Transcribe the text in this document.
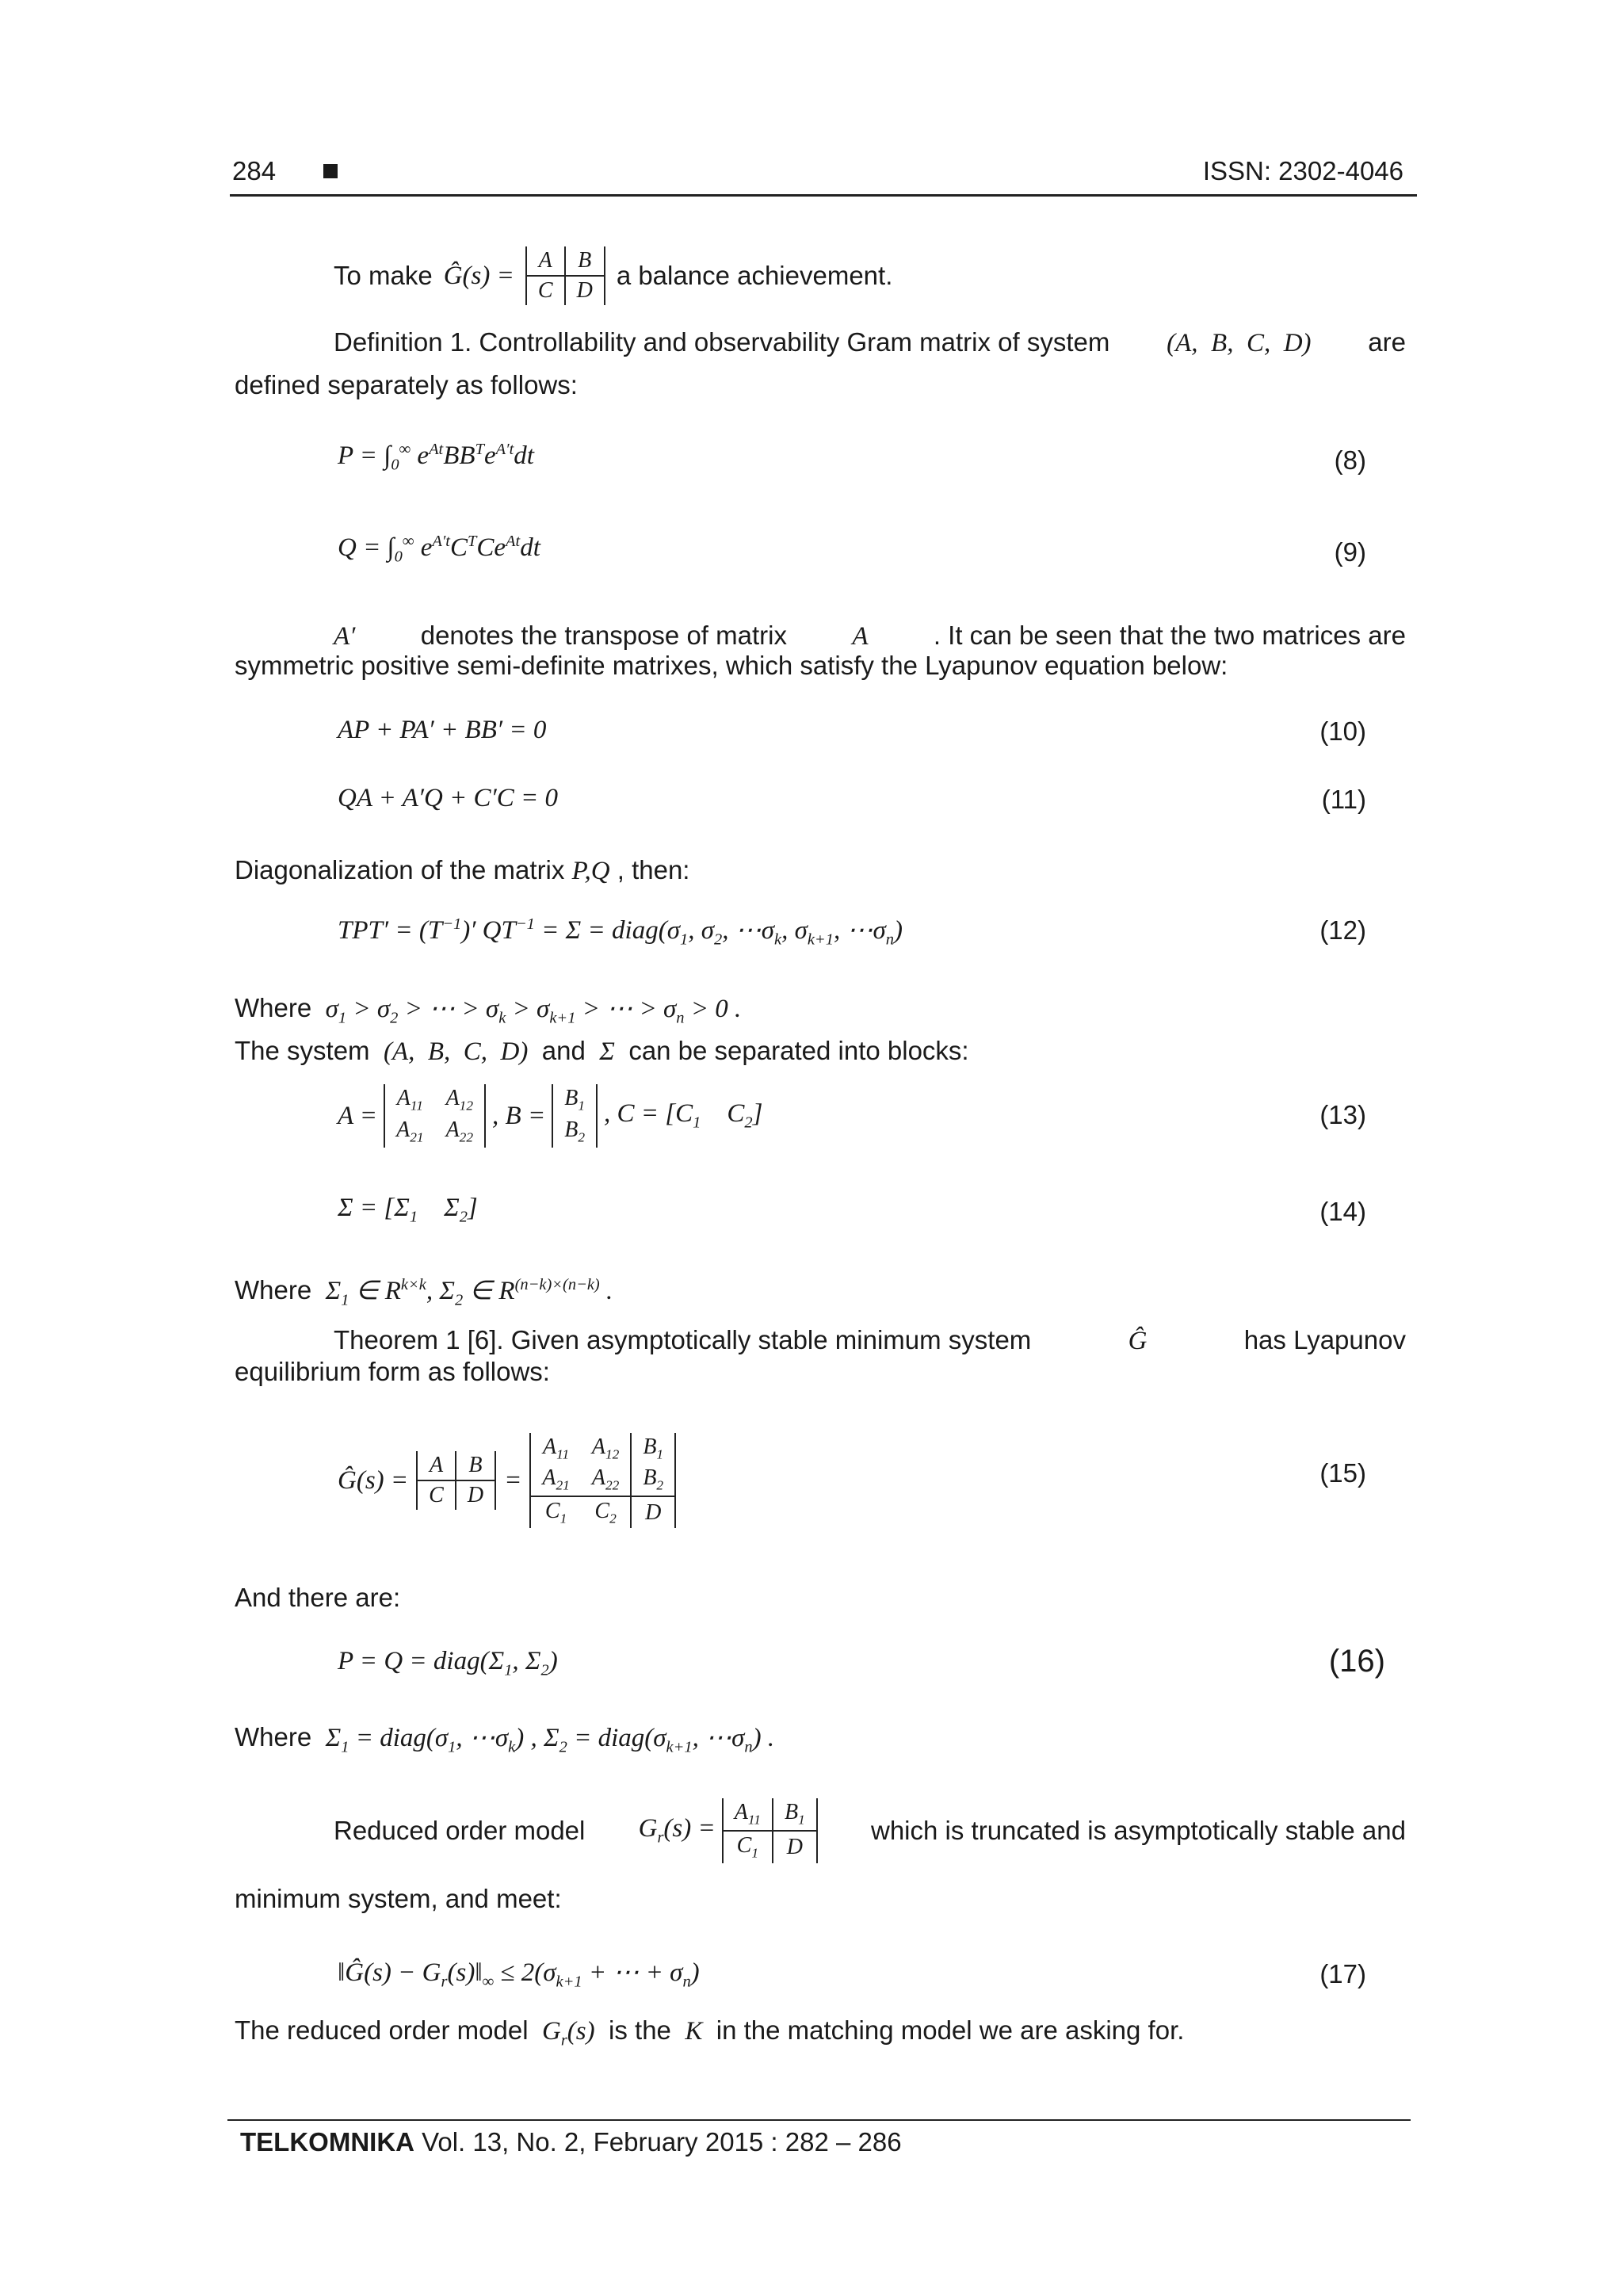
284	ISSN: 2302-4046
To make Ĝ(s) =
A	B
C	D
a balance achievement.
Definition 1. Controllability and observability Gram matrix of system (A,  B,  C,  D) are
defined separately as follows:
$P = \int_0^\infty$ $e^{At}BB^Te^{A't}dt$	(8)
$Q = \int_0^\infty$ $e^{A't}C^TCe^{At}dt$	(9)
A′ denotes the transpose of matrix A . It can be seen that the two matrices are
symmetric positive semi-definite matrixes, which satisfy the Lyapunov equation below:
AP + PA′ + BB′ = 0	(10)
QA + A′Q + C′C = 0	(11)
Diagonalization of the matrix P,Q , then:
$TPT' = (T^{-1})'$ $QT^{-1} = \Sigma$ = $diag(\sigma_1$, $\sigma_2$, $\cdots\sigma_k$, $\sigma_{k+1}$, $\cdots\sigma_n$)	(12)
Where  $\sigma_1 > \sigma_2$ > ⋯ > $\sigma_k > \sigma_{k+1}$ > ⋯ > $\sigma_n > 0$ .
The system  (A,  B,  C,  D)  and  Σ  can be separated into blocks:
A =
$A_{11}$	$A_{12}$
$A_{21}$	$A_{22}$
, B =
$B_1$
$B_2$
, $C = [C_1$    $C_2$]	(13)
$\Sigma = [\Sigma_1$    $\Sigma_2$]	(14)
Where  $\Sigma_1$ ∈ $R^{k\times k}$, $\Sigma_2$ ∈ $R^{(n-k)\times(n-k)}$ .
Theorem 1 [6]. Given asymptotically stable minimum system	Ĝ	has Lyapunov
equilibrium form as follows:
Ĝ(s) =
A	B
C	D
=
$A_{11}$	$A_{12}$	$B_1$
$A_{21}$	$A_{22}$	$B_2$
$C_1$	$C_2$	D
(15)
And there are:
$P = Q = diag(\Sigma_1$, $\Sigma_2$)	(16)
Where  $\Sigma_1$ = $diag(\sigma_1$, $\cdots\sigma_k$) , $\Sigma_2$ = $diag(\sigma_{k+1}$, $\cdots\sigma_n$) .
Reduced order model $G_r(s)$ =
$A_{11}$	$B_1$
$C_1$	D
which is truncated is asymptotically stable and
minimum system, and meet:
‖Ĝ(s) − $G_r(s)‖_\infty \le 2(\sigma_{k+1}$ + ⋯ + $\sigma_n$)	(17)
The reduced order model  $G_r(s)$  is the  K  in the matching model we are asking for.
TELKOMNIKA Vol. 13, No. 2, February 2015 : 282 – 286
